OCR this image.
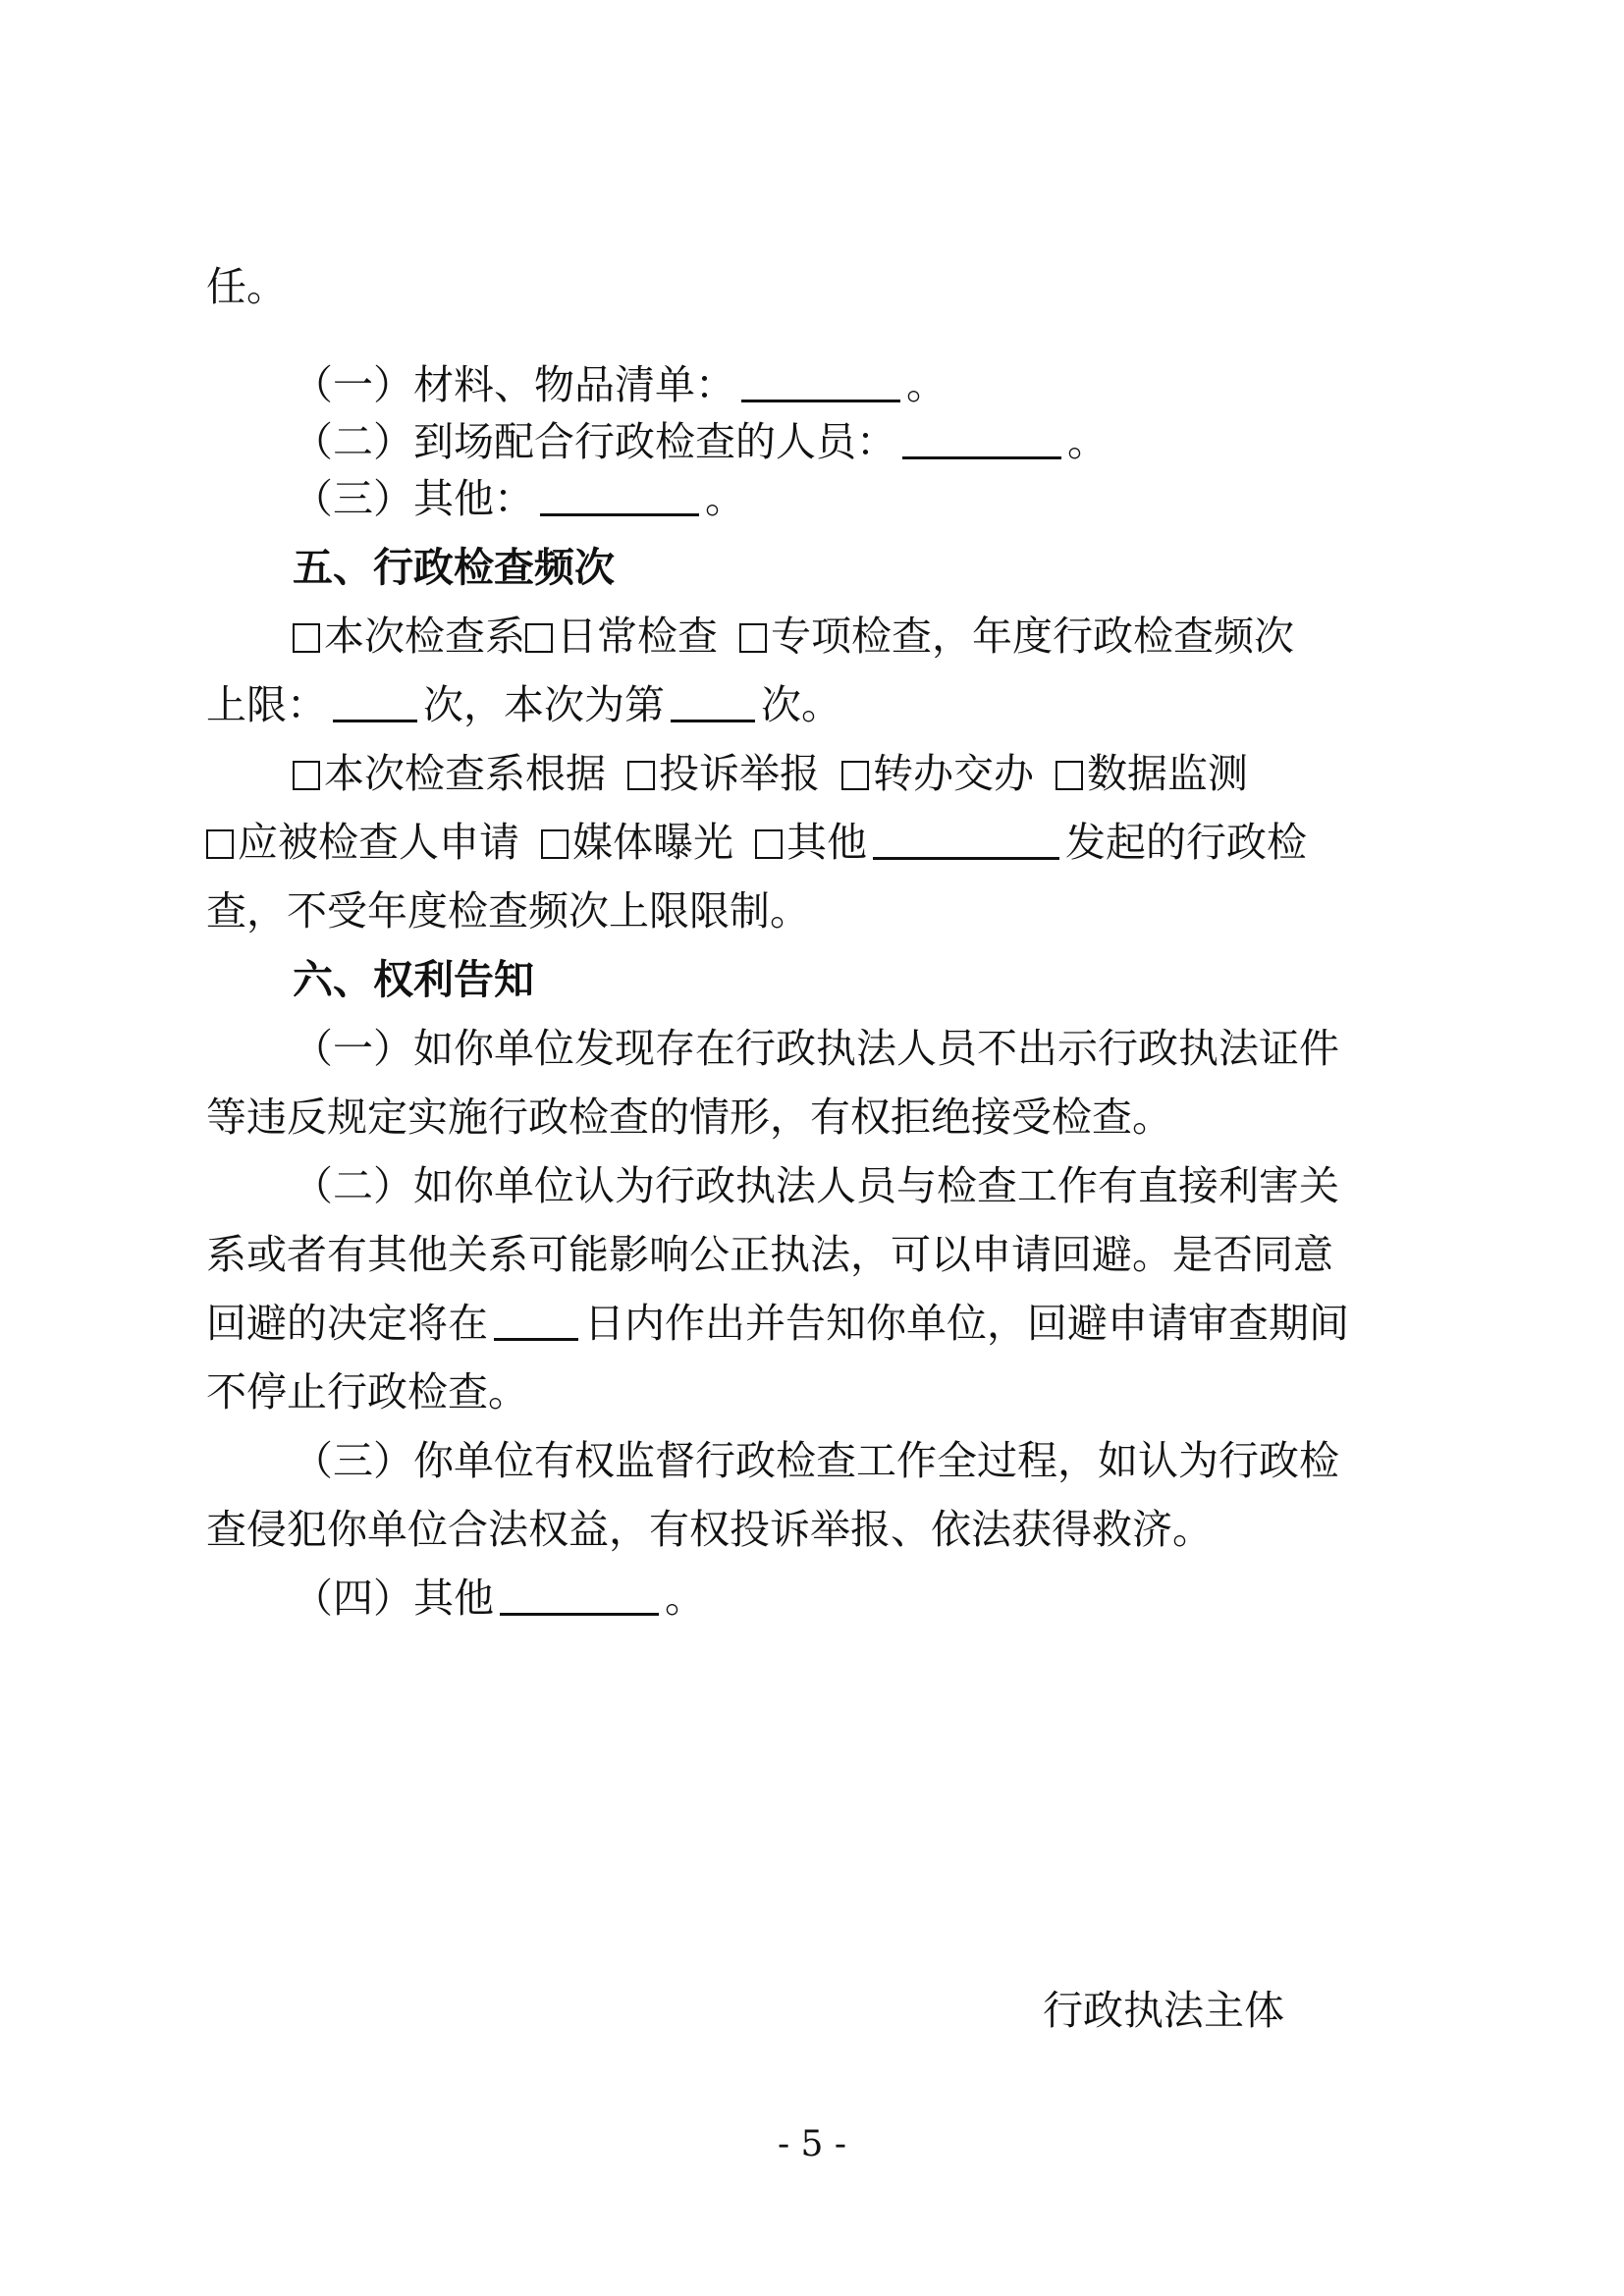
任。
（一）材料、物品清单：	。
（二）到场配合行政检查的人员：	。
（三）其他：	。
五、行政检查频次
本次检查系 日常检查 专项检查，年度行政检查频次
上限： 次，本次为第 次。
本次检查系根据 投诉举报 转办交办 数据监测
应被检查人申请 媒体曝光 其他	发起的行政检
查，不受年度检查频次上限限制。
六、权利告知
（一）如你单位发现存在行政执法人员不出示行政执法证件
等违反规定实施行政检查的情形，有权拒绝接受检查。
（二）如你单位认为行政执法人员与检查工作有直接利害关
系或者有其他关系可能影响公正执法，可以申请回避。是否同意
回避的决定将在 日内作出并告知你单位，回避申请审查期间
不停止行政检查。
（三）你单位有权监督行政检查工作全过程，如认为行政检
查侵犯你单位合法权益，有权投诉举报、依法获得救济。
（四）其他	。
行政执法主体
- 5 -
